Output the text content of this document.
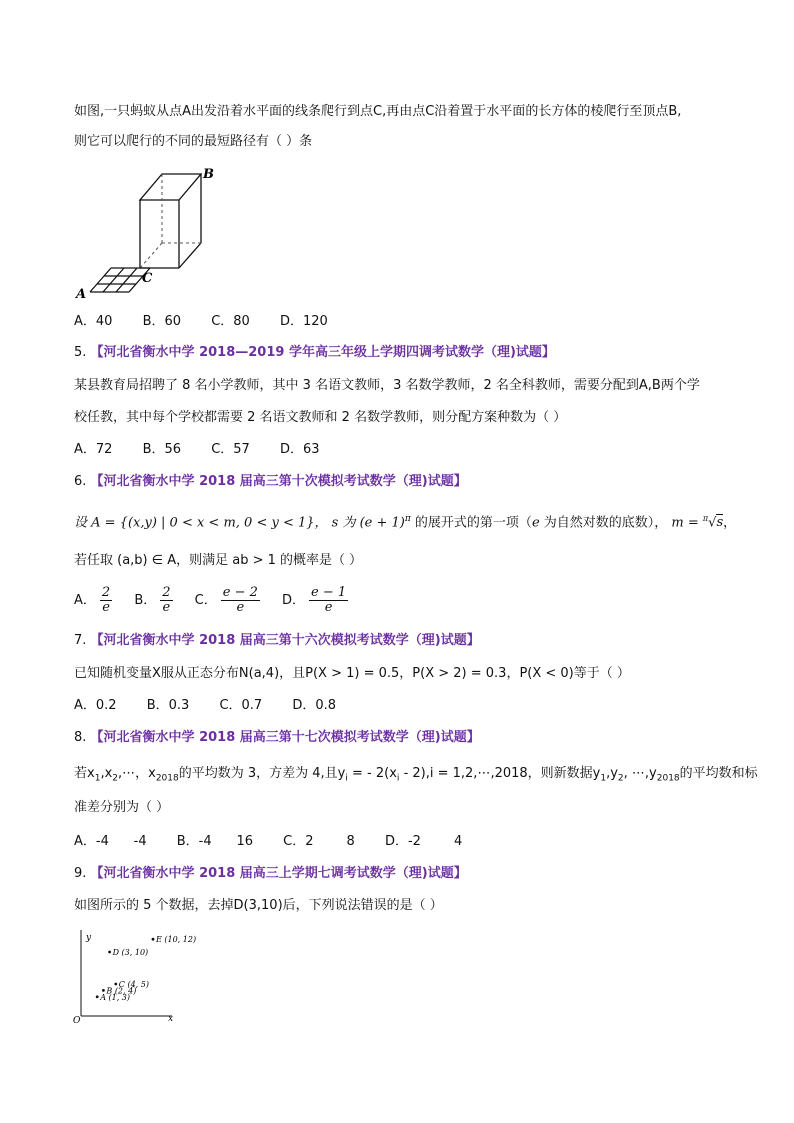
如图,一只蚂蚁从点A出发沿着水平面的线条爬行到点C,再由点C沿着置于水平面的长方体的棱爬行至顶点B,
则它可以爬行的不同的最短路径有（ ）条
B
C
A
A．40 B．60 C．80 D．120
5. 【河北省衡水中学 2018—2019 学年高三年级上学期四调考试数学（理)试题】
某县教育局招聘了 8 名小学教师，其中 3 名语文教师，3 名数学教师，2 名全科教师，需要分配到A,B两个学
校任教，其中每个学校都需要 2 名语文教师和 2 名数学教师，则分配方案种数为（ ）
A．72 B．56 C．57 D．63
6. 【河北省衡水中学 2018 届高三第十次模拟考试数学（理)试题】
设 A = {(x,y) | 0 < x < m, 0 < y < 1}， s 为 $(e + 1)^\pi$ 的展开式的第一项（e 为自然对数的底数）， m = $^\pi$√s，
若任取 (a,b) ∈ A，则满足 ab > 1 的概率是（ ）
A． $\frac{2}{e}$ B． $\frac{2}{e}$ C． $\frac{e - 2}{e}$ D． $\frac{e - 1}{e}$
7. 【河北省衡水中学 2018 届高三第十六次模拟考试数学（理)试题】
已知随机变量X服从正态分布N(a,4)，且P(X > 1) = 0.5，P(X > 2) = 0.3，P(X < 0)等于（ ）
A．0.2 B．0.3 C．0.7 D．0.8
8. 【河北省衡水中学 2018 届高三第十七次模拟考试数学（理)试题】
若$x_1,x_2,\cdots$，$x_{2018}$的平均数为 3，方差为 4,且$y_i$ = - $2(x_i - 2),i$ = 1,2,⋯,2018，则新数据$y_1,y_2$, $\cdots,y_{2018}$的平均数和标
准差分别为（ ）
A．-4      -4 B．-4      16 C．2        8 D．-2        4
9. 【河北省衡水中学 2018 届高三上学期七调考试数学（理)试题】
如图所示的 5 个数据，去掉D(3,10)后，下列说法错误的是（ ）
y
x
O
A (1, 3)
B (2, 4)
C (4, 5)
D (3, 10)
E (10, 12)
